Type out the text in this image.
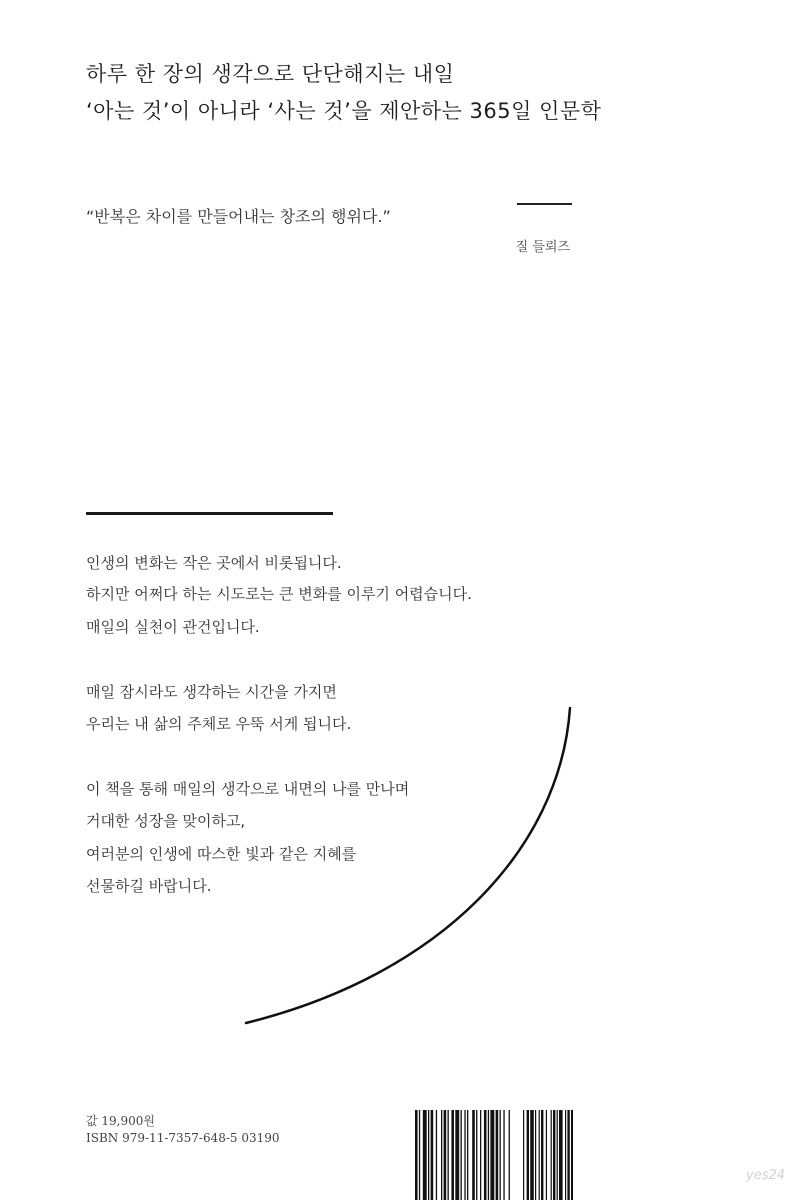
하루 한 장의 생각으로 단단해지는 내일
‘아는 것’이 아니라 ‘사는 것’을 제안하는 365일 인문학
“반복은 차이를 만들어내는 창조의 행위다.”
질 들뢰즈
인생의 변화는 작은 곳에서 비롯됩니다.
하지만 어쩌다 하는 시도로는 큰 변화를 이루기 어렵습니다.
매일의 실천이 관건입니다.
매일 잠시라도 생각하는 시간을 가지면
우리는 내 삶의 주체로 우뚝 서게 됩니다.
이 책을 통해 매일의 생각으로 내면의 나를 만나며
거대한 성장을 맞이하고,
여러분의 인생에 따스한 빛과 같은 지혜를
선물하길 바랍니다.
값 19,900원
ISBN 979-11-7357-648-5 03190
yes24
